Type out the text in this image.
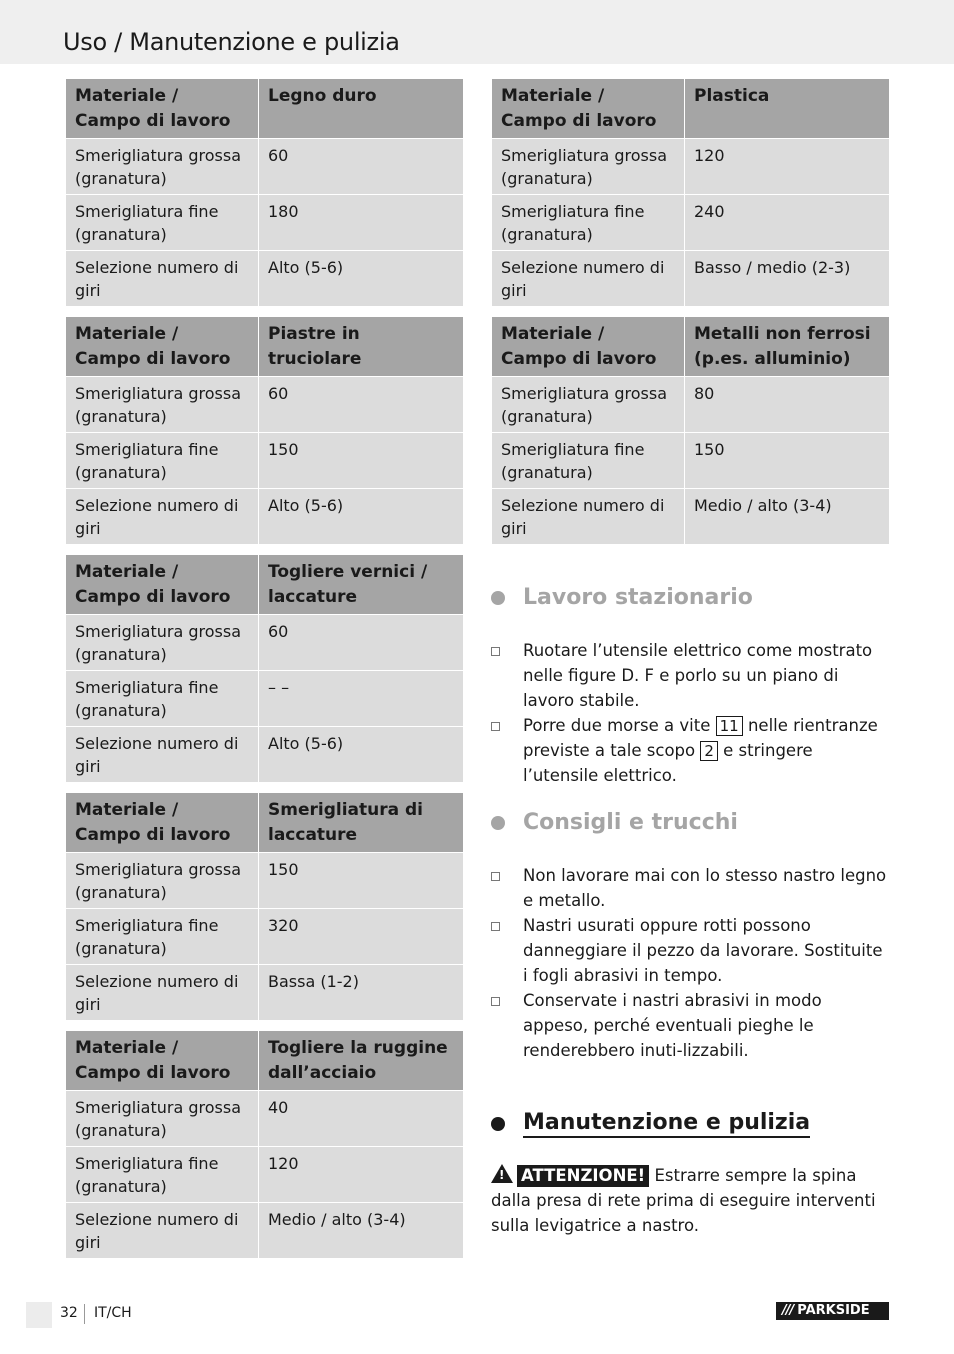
Uso / Manutenzione e pulizia
Materiale / Campo di lavoro	Legno duro
Smerigliatura grossa (granatura)	60
Smerigliatura fine (granatura)	180
Selezione numero di giri	Alto (5-6)
Materiale / Campo di lavoro	Piastre in truciolare
Smerigliatura grossa (granatura)	60
Smerigliatura fine (granatura)	150
Selezione numero di giri	Alto (5-6)
Materiale / Campo di lavoro	Togliere vernici / laccature
Smerigliatura grossa (granatura)	60
Smerigliatura fine (granatura)	– –
Selezione numero di giri	Alto (5-6)
Materiale / Campo di lavoro	Smerigliatura di laccature
Smerigliatura grossa (granatura)	150
Smerigliatura fine (granatura)	320
Selezione numero di giri	Bassa (1-2)
Materiale / Campo di lavoro	Togliere la ruggine dall’acciaio
Smerigliatura grossa (granatura)	40
Smerigliatura fine (granatura)	120
Selezione numero di giri	Medio / alto (3-4)
Materiale / Campo di lavoro	Plastica
Smerigliatura grossa (granatura)	120
Smerigliatura fine (granatura)	240
Selezione numero di giri	Basso / medio (2-3)
Materiale / Campo di lavoro	Metalli non ferrosi (p.es. alluminio)
Smerigliatura grossa (granatura)	80
Smerigliatura fine (granatura)	150
Selezione numero di giri	Medio / alto (3-4)
Lavoro stazionario
Ruotare l’utensile elettrico come mostrato nelle figure D. F e porlo su un piano di lavoro stabile.
Porre due morse a vite 11 nelle rientranze previste a tale scopo 2 e stringere l’utensile elettrico.
Consigli e trucchi
Non lavorare mai con lo stesso nastro legno e metallo.
Nastri usurati oppure rotti possono danneggiare il pezzo da lavorare. Sostituite i fogli abrasivi in tempo.
Conservate i nastri abrasivi in modo appeso, perché eventuali pieghe le renderebbero inuti-lizzabili.
Manutenzione e pulizia
! ATTENZIONE! Estrarre sempre la spina dalla presa di rete prima di eseguire interventi sulla levigatrice a nastro.
32 IT/CH	/// PARKSIDE
